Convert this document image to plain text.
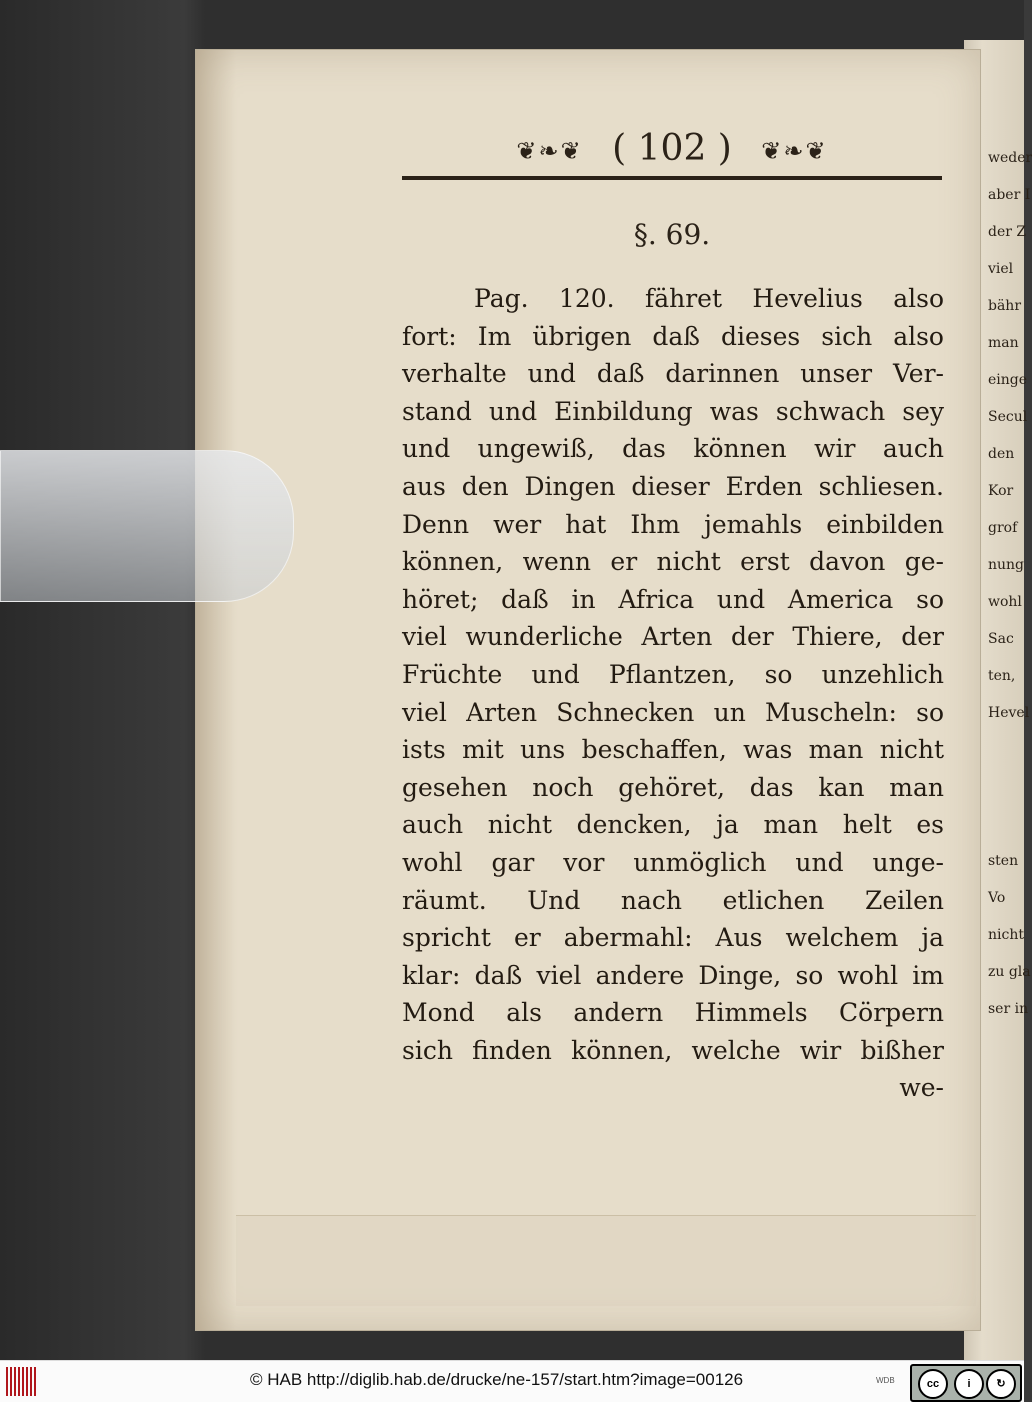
❦❧❦ ( 102 ) ❦❧❦
§. 69.
Pag. 120. fähret Hevelius also
fort: Im übrigen daß dieses sich also
verhalte und daß darinnen unser Ver-
stand und Einbildung was schwach sey
und ungewiß, das können wir auch
aus den Dingen dieser Erden schliesen.
Denn wer hat Ihm jemahls einbilden
können, wenn er nicht erst davon ge-
höret; daß in Africa und America so
viel wunderliche Arten der Thiere, der
Früchte und Pflantzen, so unzehlich
viel Arten Schnecken un Muscheln: so
ists mit uns beschaffen, was man nicht
gesehen noch gehöret, das kan man
auch nicht dencken, ja man helt es
wohl gar vor unmöglich und unge-
räumt. Und nach etlichen Zeilen
spricht er abermahl: Aus welchem ja
klar: daß viel andere Dinge, so wohl im
Mond als andern Himmels Cörpern
sich finden können, welche wir bißher
we-
weder
aber I
der Z
viel
bähr
man
einge
Secul
den
Kor
grof
nung
wohl
Sac
ten,
Hevel

sten
Vo
nicht
zu gla
ser in
© HAB http://diglib.hab.de/drucke/ne-157/start.htm?image=00126	WDB	cc	i	↻
BY	SA
